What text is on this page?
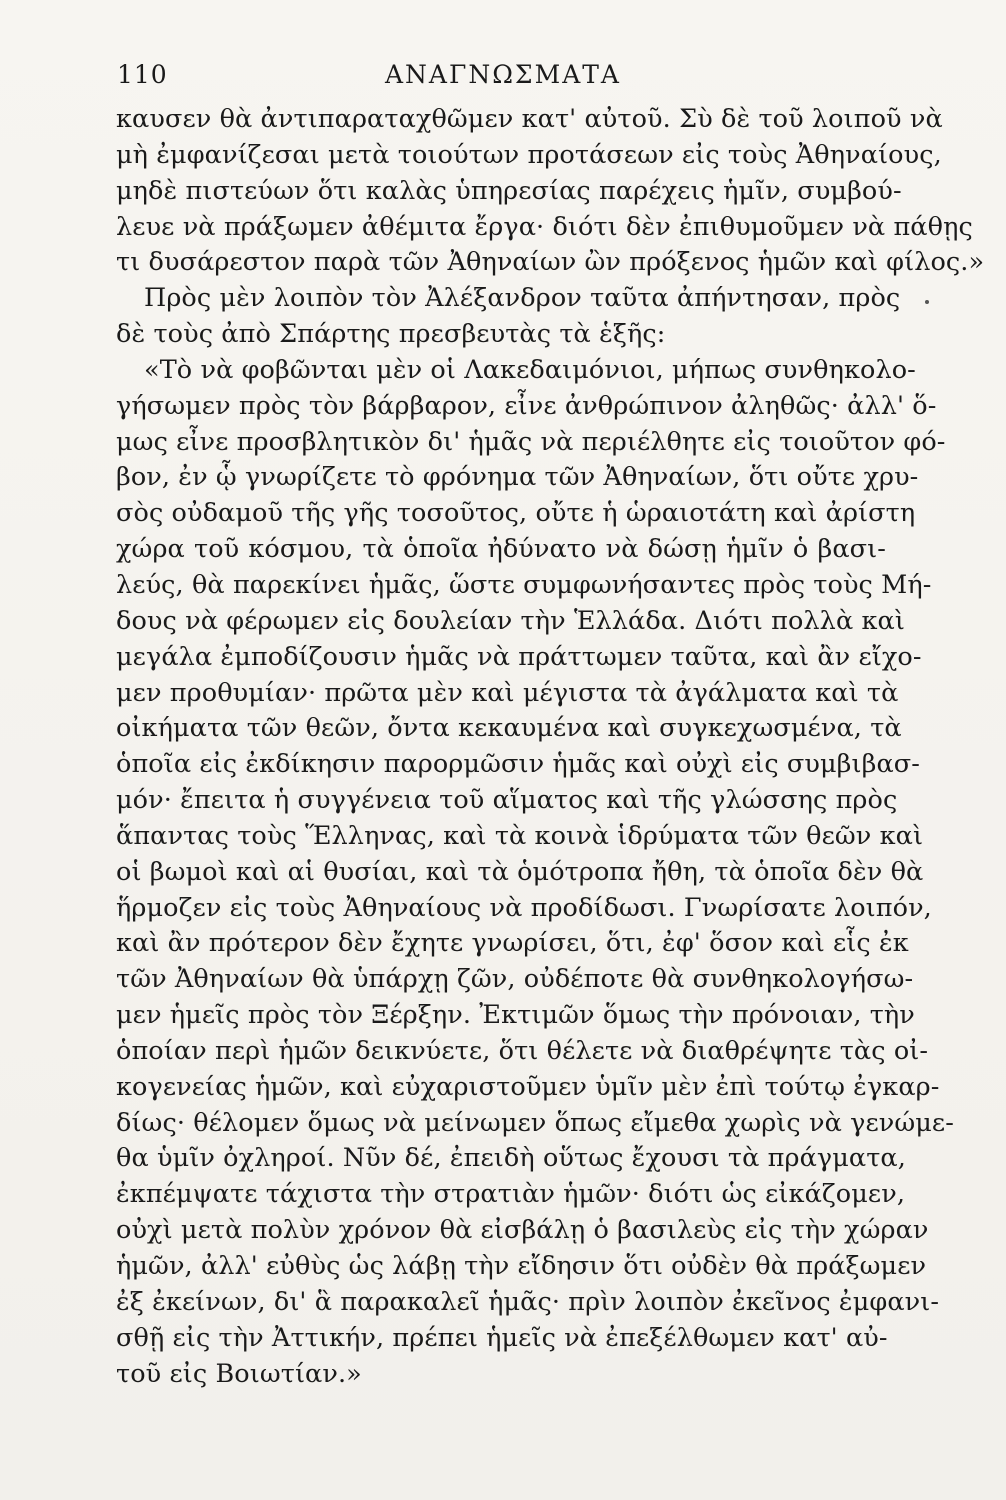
110	ΑΝΑΓΝΩΣΜΑΤΑ
καυσεν θὰ ἀντιπαραταχθῶμεν κατ' αὐτοῦ. Σὺ δὲ τοῦ λοιποῦ νὰ
μὴ ἐμφανίζεσαι μετὰ τοιούτων προτάσεων εἰς τοὺς Ἀθηναίους,
μηδὲ πιστεύων ὅτι καλὰς ὑπηρεσίας παρέχεις ἡμῖν, συμβού-
λευε νὰ πράξωμεν ἀθέμιτα ἔργα· διότι δὲν ἐπιθυμοῦμεν νὰ πάθῃς
τι δυσάρεστον παρὰ τῶν Ἀθηναίων ὢν πρόξενος ἡμῶν καὶ φίλος.»
Πρὸς μὲν λοιπὸν τὸν Ἀλέξανδρον ταῦτα ἀπήντησαν, πρὸς
δὲ τοὺς ἀπὸ Σπάρτης πρεσβευτὰς τὰ ἑξῆς:
«Τὸ νὰ φοβῶνται μὲν οἱ Λακεδαιμόνιοι, μήπως συνθηκολο-
γήσωμεν πρὸς τὸν βάρβαρον, εἶνε ἀνθρώπινον ἀληθῶς· ἀλλ' ὅ-
μως εἶνε προσβλητικὸν δι' ἡμᾶς νὰ περιέλθητε εἰς τοιοῦτον φό-
βον, ἐν ᾧ γνωρίζετε τὸ φρόνημα τῶν Ἀθηναίων, ὅτι οὔτε χρυ-
σὸς οὐδαμοῦ τῆς γῆς τοσοῦτος, οὔτε ἡ ὡραιοτάτη καὶ ἀρίστη
χώρα τοῦ κόσμου, τὰ ὁποῖα ἠδύνατο νὰ δώσῃ ἡμῖν ὁ βασι-
λεύς, θὰ παρεκίνει ἡμᾶς, ὥστε συμφωνήσαντες πρὸς τοὺς Μή-
δους νὰ φέρωμεν εἰς δουλείαν τὴν Ἑλλάδα. Διότι πολλὰ καὶ
μεγάλα ἐμποδίζουσιν ἡμᾶς νὰ πράττωμεν ταῦτα, καὶ ἂν εἴχο-
μεν προθυμίαν· πρῶτα μὲν καὶ μέγιστα τὰ ἀγάλματα καὶ τὰ
οἰκήματα τῶν θεῶν, ὄντα κεκαυμένα καὶ συγκεχωσμένα, τὰ
ὁποῖα εἰς ἐκδίκησιν παρορμῶσιν ἡμᾶς καὶ οὐχὶ εἰς συμβιβασ-
μόν· ἔπειτα ἡ συγγένεια τοῦ αἵματος καὶ τῆς γλώσσης πρὸς
ἅπαντας τοὺς Ἕλληνας, καὶ τὰ κοινὰ ἱδρύματα τῶν θεῶν καὶ
οἱ βωμοὶ καὶ αἱ θυσίαι, καὶ τὰ ὁμότροπα ἤθη, τὰ ὁποῖα δὲν θὰ
ἥρμοζεν εἰς τοὺς Ἀθηναίους νὰ προδίδωσι. Γνωρίσατε λοιπόν,
καὶ ἂν πρότερον δὲν ἔχητε γνωρίσει, ὅτι, ἐφ' ὅσον καὶ εἷς ἐκ
τῶν Ἀθηναίων θὰ ὑπάρχῃ ζῶν, οὐδέποτε θὰ συνθηκολογήσω-
μεν ἡμεῖς πρὸς τὸν Ξέρξην. Ἐκτιμῶν ὅμως τὴν πρόνοιαν, τὴν
ὁποίαν περὶ ἡμῶν δεικνύετε, ὅτι θέλετε νὰ διαθρέψητε τὰς οἰ-
κογενείας ἡμῶν, καὶ εὐχαριστοῦμεν ὑμῖν μὲν ἐπὶ τούτῳ ἐγκαρ-
δίως· θέλομεν ὅμως νὰ μείνωμεν ὅπως εἴμεθα χωρὶς νὰ γενώμε-
θα ὑμῖν ὀχληροί. Νῦν δέ, ἐπειδὴ οὕτως ἔχουσι τὰ πράγματα,
ἐκπέμψατε τάχιστα τὴν στρατιὰν ἡμῶν· διότι ὡς εἰκάζομεν,
οὐχὶ μετὰ πολὺν χρόνον θὰ εἰσβάλῃ ὁ βασιλεὺς εἰς τὴν χώραν
ἡμῶν, ἀλλ' εὐθὺς ὡς λάβῃ τὴν εἴδησιν ὅτι οὐδὲν θὰ πράξωμεν
ἐξ ἐκείνων, δι' ἃ παρακαλεῖ ἡμᾶς· πρὶν λοιπὸν ἐκεῖνος ἐμφανι-
σθῇ εἰς τὴν Ἀττικήν, πρέπει ἡμεῖς νὰ ἐπεξέλθωμεν κατ' αὐ-
τοῦ εἰς Βοιωτίαν.»
